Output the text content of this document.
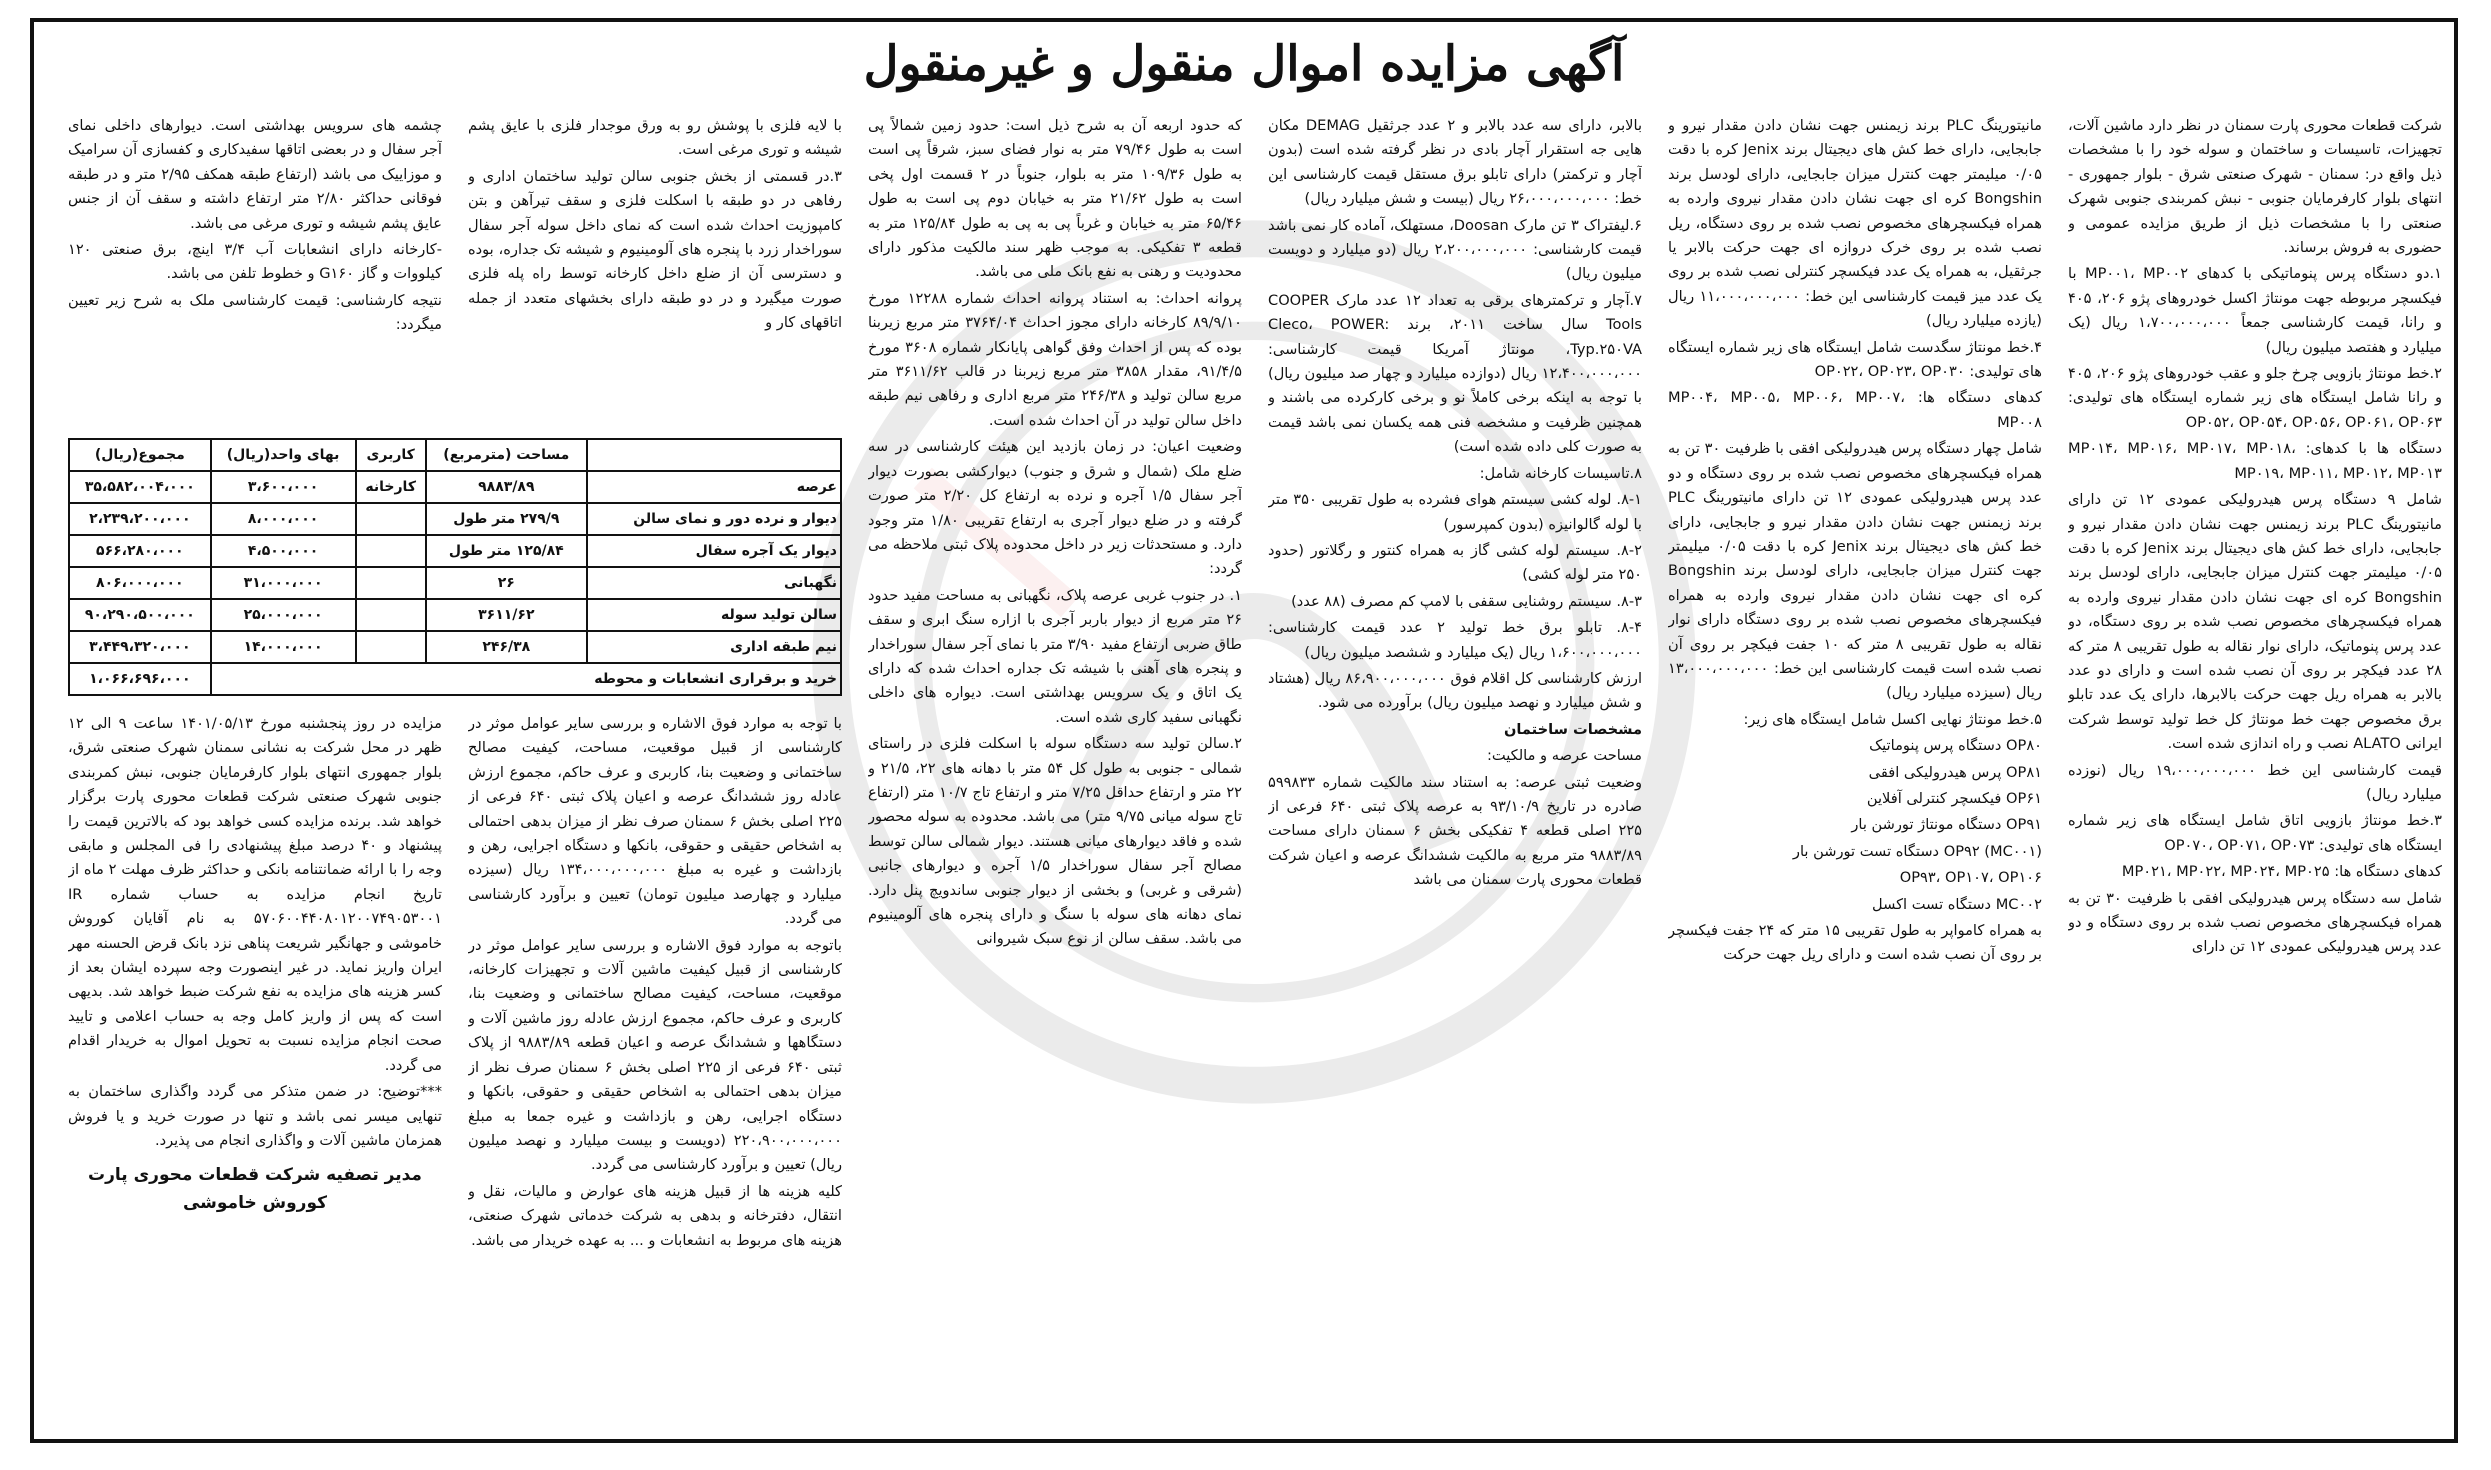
آگهی مزایده اموال منقول و غیرمنقول

شرکت قطعات محوری پارت سمنان در نظر دارد ماشین آلات، تجهیزات، تاسیسات و ساختمان و سوله خود را با مشخصات ذیل واقع در: سمنان - شهرک صنعتی شرق - بلوار جمهوری - انتهای بلوار کارفرمایان جنوبی - نبش کمربندی جنوبی شهرک صنعتی را با مشخصات ذیل از طریق مزایده عمومی و حضوری به فروش برساند.

۱.دو دستگاه پرس پنوماتیکی با کدهای MP۰۰۱، MP۰۰۲ با فیکسچر مربوطه جهت مونتاژ اکسل خودروهای پژو ۲۰۶، ۴۰۵ و رانا، قیمت کارشناسی جمعاً ۱،۷۰۰،۰۰۰،۰۰۰ ریال (یک میلیارد و هفتصد میلیون ریال)

۲.خط مونتاژ بازویی چرخ جلو و عقب خودروهای پژو ۲۰۶، ۴۰۵ و رانا شامل ایستگاه های زیر شماره ایستگاه های تولیدی: OP۰۵۲، OP۰۵۴، OP۰۵۶، OP۰۶۱، OP۰۶۳

دستگاه ها با کدهای: MP۰۱۴، MP۰۱۶، MP۰۱۷، MP۰۱۸، MP۰۱۹، MP۰۱۱، MP۰۱۲، MP۰۱۳

شامل ۹ دستگاه پرس هیدرولیکی عمودی ۱۲ تن دارای مانیتورینگ PLC برند زیمنس جهت نشان دادن مقدار نیرو و جابجایی، دارای خط کش های دیجیتال برند Jenix کره با دقت ۰/۰۵ میلیمتر جهت کنترل میزان جابجایی، دارای لودسل برند Bongshin کره ای جهت نشان دادن مقدار نیروی وارده به همراه فیکسچرهای مخصوص نصب شده بر روی دستگاه، دو عدد پرس پنوماتیک، دارای نوار نقاله به طول تقریبی ۸ متر که ۲۸ عدد فیکچر بر روی آن نصب شده است و دارای دو عدد بالابر به همراه ریل جهت حرکت بالابرها، دارای یک عدد تابلو برق مخصوص جهت خط مونتاژ کل خط تولید توسط شرکت ایرانی ALATO نصب و راه اندازی شده است.

قیمت کارشناسی این خط ۱۹،۰۰۰،۰۰۰،۰۰۰ ریال (نوزده میلیارد ریال)

۳.خط مونتاژ بازویی اتاق شامل ایستگاه های زیر شماره ایستگاه های تولیدی: OP۰۷۰، OP۰۷۱، OP۰۷۳

کدهای دستگاه ها: MP۰۲۱، MP۰۲۲، MP۰۲۴، MP۰۲۵

شامل سه دستگاه پرس هیدرولیکی افقی با ظرفیت ۳۰ تن به همراه فیکسچرهای مخصوص نصب شده بر روی دستگاه و دو عدد پرس هیدرولیکی عمودی ۱۲ تن دارای

مانیتورینگ PLC برند زیمنس جهت نشان دادن مقدار نیرو و جابجایی، دارای خط کش های دیجیتال برند Jenix کره با دقت ۰/۰۵ میلیمتر جهت کنترل میزان جابجایی، دارای لودسل برند Bongshin کره ای جهت نشان دادن مقدار نیروی وارده به همراه فیکسچرهای مخصوص نصب شده بر روی دستگاه، ریل نصب شده بر روی خرک دروازه ای جهت حرکت بالابر یا جرثقیل، به همراه یک عدد فیکسچر کنترلی نصب شده بر روی یک عدد میز قیمت کارشناسی این خط: ۱۱،۰۰۰،۰۰۰،۰۰۰ ریال (یازده میلیارد ریال)

۴.خط مونتاژ سگدست شامل ایستگاه های زیر شماره ایستگاه های تولیدی: OP۰۲۲، OP۰۲۳، OP۰۳۰

کدهای دستگاه ها: MP۰۰۴، MP۰۰۵، MP۰۰۶، MP۰۰۷، MP۰۰۸

شامل چهار دستگاه پرس هیدرولیکی افقی با ظرفیت ۳۰ تن به همراه فیکسچرهای مخصوص نصب شده بر روی دستگاه و دو عدد پرس هیدرولیکی عمودی ۱۲ تن دارای مانیتورینگ PLC برند زیمنس جهت نشان دادن مقدار نیرو و جابجایی، دارای خط کش های دیجیتال برند Jenix کره با دقت ۰/۰۵ میلیمتر جهت کنترل میزان جابجایی، دارای لودسل برند Bongshin کره ای جهت نشان دادن مقدار نیروی وارده به همراه فیکسچرهای مخصوص نصب شده بر روی دستگاه دارای نوار نقاله به طول تقریبی ۸ متر که ۱۰ جفت فیکچر بر روی آن نصب شده است قیمت کارشناسی این خط: ۱۳،۰۰۰،۰۰۰،۰۰۰ ریال (سیزده میلیارد ریال)

۵.خط مونتاژ نهایی اکسل شامل ایستگاه های زیر:

OP۸۰ دستگاه پرس پنوماتیک

OP۸۱ پرس هیدرولیکی افقی

OP۶۱ فیکسچر کنترلی آفلاین

OP۹۱ دستگاه مونتاژ تورشن بار

OP۹۲ (MC۰۰۱) دستگاه تست تورشن بار

OP۹۳، OP۱۰۷، OP۱۰۶

MC۰۰۲ دستگاه تست اکسل

به همراه کامواپر به طول تقریبی ۱۵ متر که ۲۴ جفت فیکسچر بر روی آن نصب شده است و دارای ریل جهت حرکت

بالابر، دارای سه عدد بالابر و ۲ عدد جرثقیل DEMAG مکان هایی جه استقرار آچار بادی در نظر گرفته شده است (بدون آچار و ترکمتر) دارای تابلو برق مستقل قیمت کارشناسی این خط: ۲۶،۰۰۰،۰۰۰،۰۰۰ ریال (بیست و شش میلیارد ریال)

۶.لیفتراک ۳ تن مارک Doosan، مستهلک، آماده کار نمی باشد قیمت کارشناسی: ۲،۲۰۰،۰۰۰،۰۰۰ ریال (دو میلیارد و دویست میلیون ریال)

۷.آچار و ترکمترهای برقی به تعداد ۱۲ عدد مارک COOPER Tools سال ساخت ۲۰۱۱، برند Cleco، POWER: Typ.۲۵۰VA، مونتاژ آمریکا قیمت کارشناسی: ۱۲،۴۰۰،۰۰۰،۰۰۰ ریال (دوازده میلیارد و چهار صد میلیون ریال) با توجه به اینکه برخی کاملاً نو و برخی کارکرده می باشند و همچنین ظرفیت و مشخصه فنی همه یکسان نمی باشد قیمت به صورت کلی داده شده است)

۸.تاسیسات کارخانه شامل:

۸-۱. لوله کشی سیستم هوای فشرده به طول تقریبی ۳۵۰ متر با لوله گالوانیزه (بدون کمپرسور)

۸-۲. سیستم لوله کشی گاز به همراه کنتور و رگلاتور (حدود ۲۵۰ متر لوله کشی)

۸-۳. سیستم روشنایی سقفی با لامپ کم مصرف (۸۸ عدد)

۸-۴. تابلو برق خط تولید ۲ عدد قیمت کارشناسی: ۱،۶۰۰،۰۰۰،۰۰۰ ریال (یک میلیارد و ششصد میلیون ریال)

ارزش کارشناسی کل اقلام فوق ۸۶،۹۰۰،۰۰۰،۰۰۰ ریال (هشتاد و شش میلیارد و نهصد میلیون ریال) برآورده می شود.

مشخصات ساختمان

مساحت عرصه و مالکیت:

وضعیت ثبتی عرصه: به استناد سند مالکیت شماره ۵۹۹۸۳۳ صادره در تاریخ ۹۳/۱۰/۹ به عرصه پلاک ثبتی ۶۴۰ فرعی از ۲۲۵ اصلی قطعه ۴ تفکیکی بخش ۶ سمنان دارای مساحت ۹۸۸۳/۸۹ متر مربع به مالکیت ششدانگ عرصه و اعیان شرکت قطعات محوری پارت سمنان می باشد

که حدود اربعه آن به شرح ذیل است: حدود زمین شمالاً پی است به طول ۷۹/۴۶ متر به نوار فضای سبز، شرقاً پی است به طول ۱۰۹/۳۶ متر به بلوار، جنوباً در ۲ قسمت اول پخی است به طول ۲۱/۶۲ متر به خیابان دوم پی است به طول ۶۵/۴۶ متر به خیابان و غرباً پی به پی به طول ۱۲۵/۸۴ متر به قطعه ۳ تفکیکی. به موجب ظهر سند مالکیت مذکور دارای محدودیت و رهنی به نفع بانک ملی می باشد.

پروانه احداث: به استناد پروانه احداث شماره ۱۲۲۸۸ مورخ ۸۹/۹/۱۰ کارخانه دارای مجوز احداث ۳۷۶۴/۰۴ متر مربع زیربنا بوده که پس از احداث وفق گواهی پایانکار شماره ۳۶۰۸ مورخ ۹۱/۴/۵، مقدار ۳۸۵۸ متر مربع زیربنا در قالب ۳۶۱۱/۶۲ متر مربع سالن تولید و ۲۴۶/۳۸ متر مربع اداری و رفاهی نیم طبقه داخل سالن تولید در آن احداث شده است.

وضعیت اعیان: در زمان بازدید این هیئت کارشناسی در سه ضلع ملک (شمال و شرق و جنوب) دیوارکشی بصورت دیوار آجر سفال ۱/۵ آجره و نرده به ارتفاع کل ۲/۲۰ متر صورت گرفته و در ضلع دیوار آجری به ارتفاع تقریبی ۱/۸۰ متر وجود دارد. و مستحدثات زیر در داخل محدوده پلاک ثبتی ملاحظه می گردد:

۱. در جنوب غربی عرصه پلاک، نگهبانی به مساحت مفید حدود ۲۶ متر مربع از دیوار باربر آجری با ازاره سنگ ابری و سقف طاق ضربی ارتفاع مفید ۳/۹۰ متر با نمای آجر سفال سوراخدار و پنجره های آهنی با شیشه تک جداره احداث شده که دارای یک اتاق و یک سرویس بهداشتی است. دیواره های داخلی نگهبانی سفید کاری شده است.

۲.سالن تولید سه دستگاه سوله با اسکلت فلزی در راستای شمالی - جنوبی به طول کل ۵۴ متر با دهانه های ۲۲، ۲۱/۵ و ۲۲ متر و ارتفاع حداقل ۷/۲۵ متر و ارتفاع تاج ۱۰/۷ متر (ارتفاع تاج سوله میانی ۹/۷۵ متر) می باشد. محدوده به سوله محصور شده و فاقد دیوارهای میانی هستند. دیوار شمالی سالن توسط مصالح آجر سفال سوراخدار ۱/۵ آجره و دیوارهای جانبی (شرقی و غربی) و بخشی از دیوار جنوبی ساندویچ پنل دارد. نمای دهانه های سوله با سنگ و دارای پنجره های آلومینیوم می باشد. سقف سالن از نوع سبک شیروانی

با لایه فلزی با پوشش رو به ورق موجدار فلزی با عایق پشم شیشه و توری مرغی است.

۳.در قسمتی از بخش جنوبی سالن تولید ساختمان اداری و رفاهی در دو طبقه با اسکلت فلزی و سقف تیرآهن و بتن کامپوزیت احداث شده است که نمای داخل سوله آجر سفال سوراخدار زرد با پنجره های آلومینیوم و شیشه تک جداره، بوده و دسترسی آن از ضلع داخل کارخانه توسط راه پله فلزی صورت میگیرد و در دو طبقه دارای بخشهای متعدد از جمله اتاقهای کار و

چشمه های سرویس بهداشتی است. دیوارهای داخلی نمای آجر سفال و در بعضی اتاقها سفیدکاری و کفسازی آن سرامیک و موزاییک می باشد (ارتفاع طبقه همکف ۲/۹۵ متر و در طبقه فوقانی حداکثر ۲/۸۰ متر ارتفاع داشته و سقف آن از جنس عایق پشم شیشه و توری مرغی می باشد.

-کارخانه دارای انشعابات آب ۳/۴ اینچ، برق صنعتی ۱۲۰ کیلووات و گاز G۱۶۰ و خطوط تلفن می باشد.

نتیجه کارشناسی: قیمت کارشناسی ملک به شرح زیر تعیین میگردد:

	مساحت (مترمربع)	کاربری	بهای واحد(ریال)	مجموع(ریال)
عرصه	۹۸۸۳/۸۹	کارخانه	۳،۶۰۰،۰۰۰	۳۵،۵۸۲،۰۰۴،۰۰۰
دیوار و نرده دور و نمای سالن	۲۷۹/۹ متر طول		۸،۰۰۰،۰۰۰	۲،۲۳۹،۲۰۰،۰۰۰
دیوار یک آجره سفال	۱۲۵/۸۴ متر طول		۴،۵۰۰،۰۰۰	۵۶۶،۲۸۰،۰۰۰
نگهبانی	۲۶		۳۱،۰۰۰،۰۰۰	۸۰۶،۰۰۰،۰۰۰
سالن تولید سوله	۳۶۱۱/۶۲		۲۵،۰۰۰،۰۰۰	۹۰،۲۹۰،۵۰۰،۰۰۰
نیم طبقه اداری	۲۴۶/۳۸		۱۴،۰۰۰،۰۰۰	۳،۴۴۹،۳۲۰،۰۰۰
خرید و برقراری انشعابات و محوطه				۱،۰۶۶،۶۹۶،۰۰۰

با توجه به موارد فوق الاشاره و بررسی سایر عوامل موثر در کارشناسی از قبیل موقعیت، مساحت، کیفیت مصالح ساختمانی و وضعیت بنا، کاربری و عرف حاکم، مجموع ارزش عادله روز ششدانگ عرصه و اعیان پلاک ثبتی ۶۴۰ فرعی از ۲۲۵ اصلی بخش ۶ سمنان صرف نظر از میزان بدهی احتمالی به اشخاص حقیقی و حقوقی، بانکها و دستگاه اجرایی، رهن و بازداشت و غیره به مبلغ ۱۳۴،۰۰۰،۰۰۰،۰۰۰ ریال (سیزده میلیارد و چهارصد میلیون تومان) تعیین و برآورد کارشناسی می گردد.

باتوجه به موارد فوق الاشاره و بررسی سایر عوامل موثر در کارشناسی از قبیل کیفیت ماشین آلات و تجهیزات کارخانه، موقعیت، مساحت، کیفیت مصالح ساختمانی و وضعیت بنا، کاربری و عرف حاکم، مجموع ارزش عادله روز ماشین آلات و دستگاهها و ششدانگ عرصه و اعیان قطعه ۹۸۸۳/۸۹ از پلاک ثبتی ۶۴۰ فرعی از ۲۲۵ اصلی بخش ۶ سمنان صرف نظر از میزان بدهی احتمالی به اشخاص حقیقی و حقوقی، بانکها و دستگاه اجرایی، رهن و بازداشت و غیره جمعا به مبلغ ۲۲۰،۹۰۰،۰۰۰،۰۰۰ (دویست و بیست میلیارد و نهصد میلیون ریال) تعیین و برآورد کارشناسی می گردد.

کلیه هزینه ها از قبیل هزینه های عوارض و مالیات، نقل و انتقال، دفترخانه و بدهی به شرکت خدماتی شهرک صنعتی، هزینه های مربوط به انشعابات و ... به عهده خریدار می باشد.

مزایده در روز پنجشنبه مورخ ۱۴۰۱/۰۵/۱۳ ساعت ۹ الی ۱۲ ظهر در محل شرکت به نشانی سمنان شهرک صنعتی شرق، بلوار جمهوری انتهای بلوار کارفرمایان جنوبی، نبش کمربندی جنوبی شهرک صنعتی شرکت قطعات محوری پارت برگزار خواهد شد. برنده مزایده کسی خواهد بود که بالاترین قیمت را پیشنهاد و ۴۰ درصد مبلغ پیشنهادی را فی المجلس و مابقی وجه را با ارائه ضمانتنامه بانکی و حداکثر ظرف مهلت ۲ ماه از تاریخ انجام مزایده به حساب شماره IR ۵۷۰۶۰۰۴۴۰۸۰۱۲۰۰۷۴۹۰۵۳۰۰۱ به نام آقایان کوروش خاموشی و جهانگیر شریعت پناهی نزد بانک قرض الحسنه مهر ایران واریز نماید. در غیر اینصورت وجه سپرده ایشان بعد از کسر هزینه های مزایده به نفع شرکت ضبط خواهد شد. بدیهی است که پس از واریز کامل وجه به حساب اعلامی و تایید صحت انجام مزایده نسبت به تحویل اموال به خریدار اقدام می گردد.

***توضیح: در ضمن متذکر می گردد واگذاری ساختمان به تنهایی میسر نمی باشد و تنها در صورت خرید و یا فروش همزمان ماشین آلات و واگذاری انجام می پذیرد.

مدیر تصفیه شرکت قطعات محوری پارت
کوروش خاموشی
